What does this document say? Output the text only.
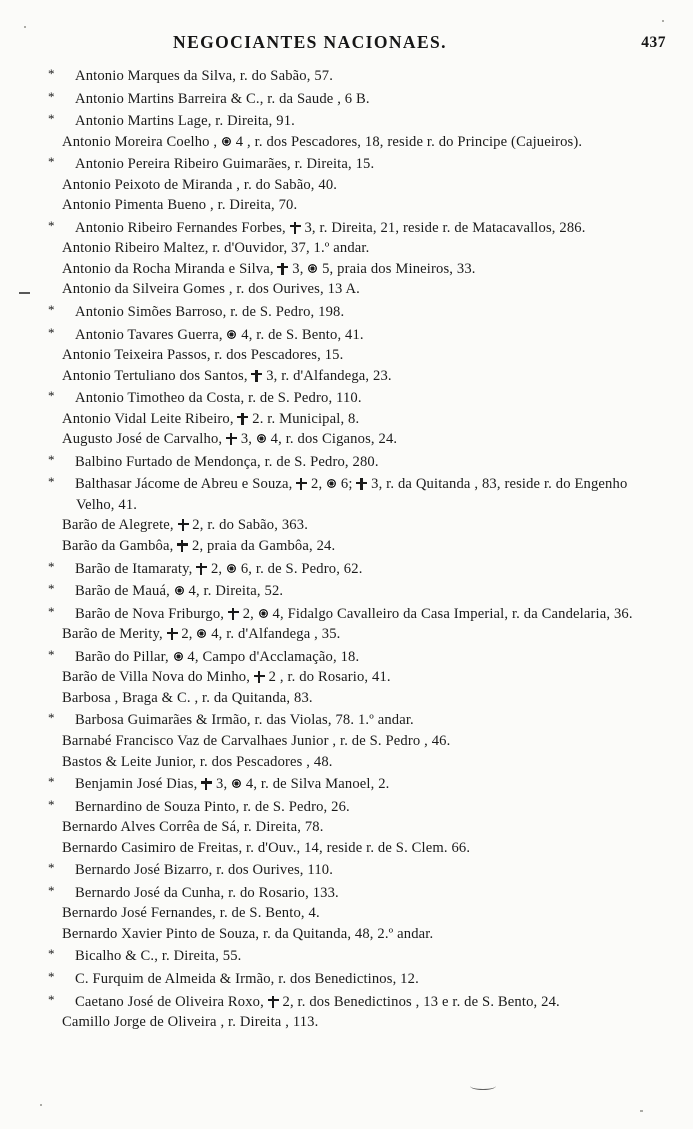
NEGOCIANTES NACIONAES.	437
* Antonio Marques da Silva, r. do Sabão, 57.
* Antonio Martins Barreira & C., r. da Saude , 6 B.
* Antonio Martins Lage, r. Direita, 91.
Antonio Moreira Coelho ,  4 , r. dos Pescadores, 18, reside r. do Principe (Cajueiros).
* Antonio Pereira Ribeiro Guimarães, r. Direita, 15.
Antonio Peixoto de Miranda , r. do Sabão, 40.
Antonio Pimenta Bueno , r. Direita, 70.
* Antonio Ribeiro Fernandes Forbes,  3, r. Direita, 21, reside r. de Matacavallos, 286.
Antonio Ribeiro Maltez, r. d'Ouvidor, 37, 1.º andar.
Antonio da Rocha Miranda e Silva,  3,  5, praia dos Mineiros, 33.
Antonio da Silveira Gomes , r. dos Ourives, 13 A.
* Antonio Simões Barroso, r. de S. Pedro, 198.
* Antonio Tavares Guerra,  4, r. de S. Bento, 41.
Antonio Teixeira Passos, r. dos Pescadores, 15.
Antonio Tertuliano dos Santos,  3, r. d'Alfandega, 23.
* Antonio Timotheo da Costa, r. de S. Pedro, 110.
Antonio Vidal Leite Ribeiro,  2. r. Municipal, 8.
Augusto José de Carvalho,  3,  4, r. dos Ciganos, 24.
* Balbino Furtado de Mendonça, r. de S. Pedro, 280.
* Balthasar Jácome de Abreu e Souza,  2,  6;  3, r. da Quitanda , 83, reside r. do Engenho Velho, 41.
Barão de Alegrete,  2, r. do Sabão, 363.
Barão da Gambôa,  2, praia da Gambôa, 24.
* Barão de Itamaraty,  2,  6, r. de S. Pedro, 62.
* Barão de Mauá,  4, r. Direita, 52.
* Barão de Nova Friburgo,  2,  4, Fidalgo Cavalleiro da Casa Imperial, r. da Candelaria, 36.
Barão de Merity,  2,  4, r. d'Alfandega , 35.
* Barão do Pillar,  4, Campo d'Acclamação, 18.
Barão de Villa Nova do Minho,  2 , r. do Rosario, 41.
Barbosa , Braga & C. , r. da Quitanda, 83.
* Barbosa Guimarães & Irmão, r. das Violas, 78. 1.º andar.
Barnabé Francisco Vaz de Carvalhaes Junior , r. de S. Pedro , 46.
Bastos & Leite Junior, r. dos Pescadores , 48.
* Benjamin José Dias,  3,  4, r. de Silva Manoel, 2.
* Bernardino de Souza Pinto, r. de S. Pedro, 26.
Bernardo Alves Corrêa de Sá, r. Direita, 78.
Bernardo Casimiro de Freitas, r. d'Ouv., 14, reside r. de S. Clem. 66.
* Bernardo José Bizarro, r. dos Ourives, 110.
* Bernardo José da Cunha, r. do Rosario, 133.
Bernardo José Fernandes, r. de S. Bento, 4.
Bernardo Xavier Pinto de Souza, r. da Quitanda, 48, 2.º andar.
* Bicalho & C., r. Direita, 55.
* C. Furquim de Almeida & Irmão, r. dos Benedictinos, 12.
* Caetano José de Oliveira Roxo,  2, r. dos Benedictinos , 13 e r. de S. Bento, 24.
Camillo Jorge de Oliveira , r. Direita , 113.
